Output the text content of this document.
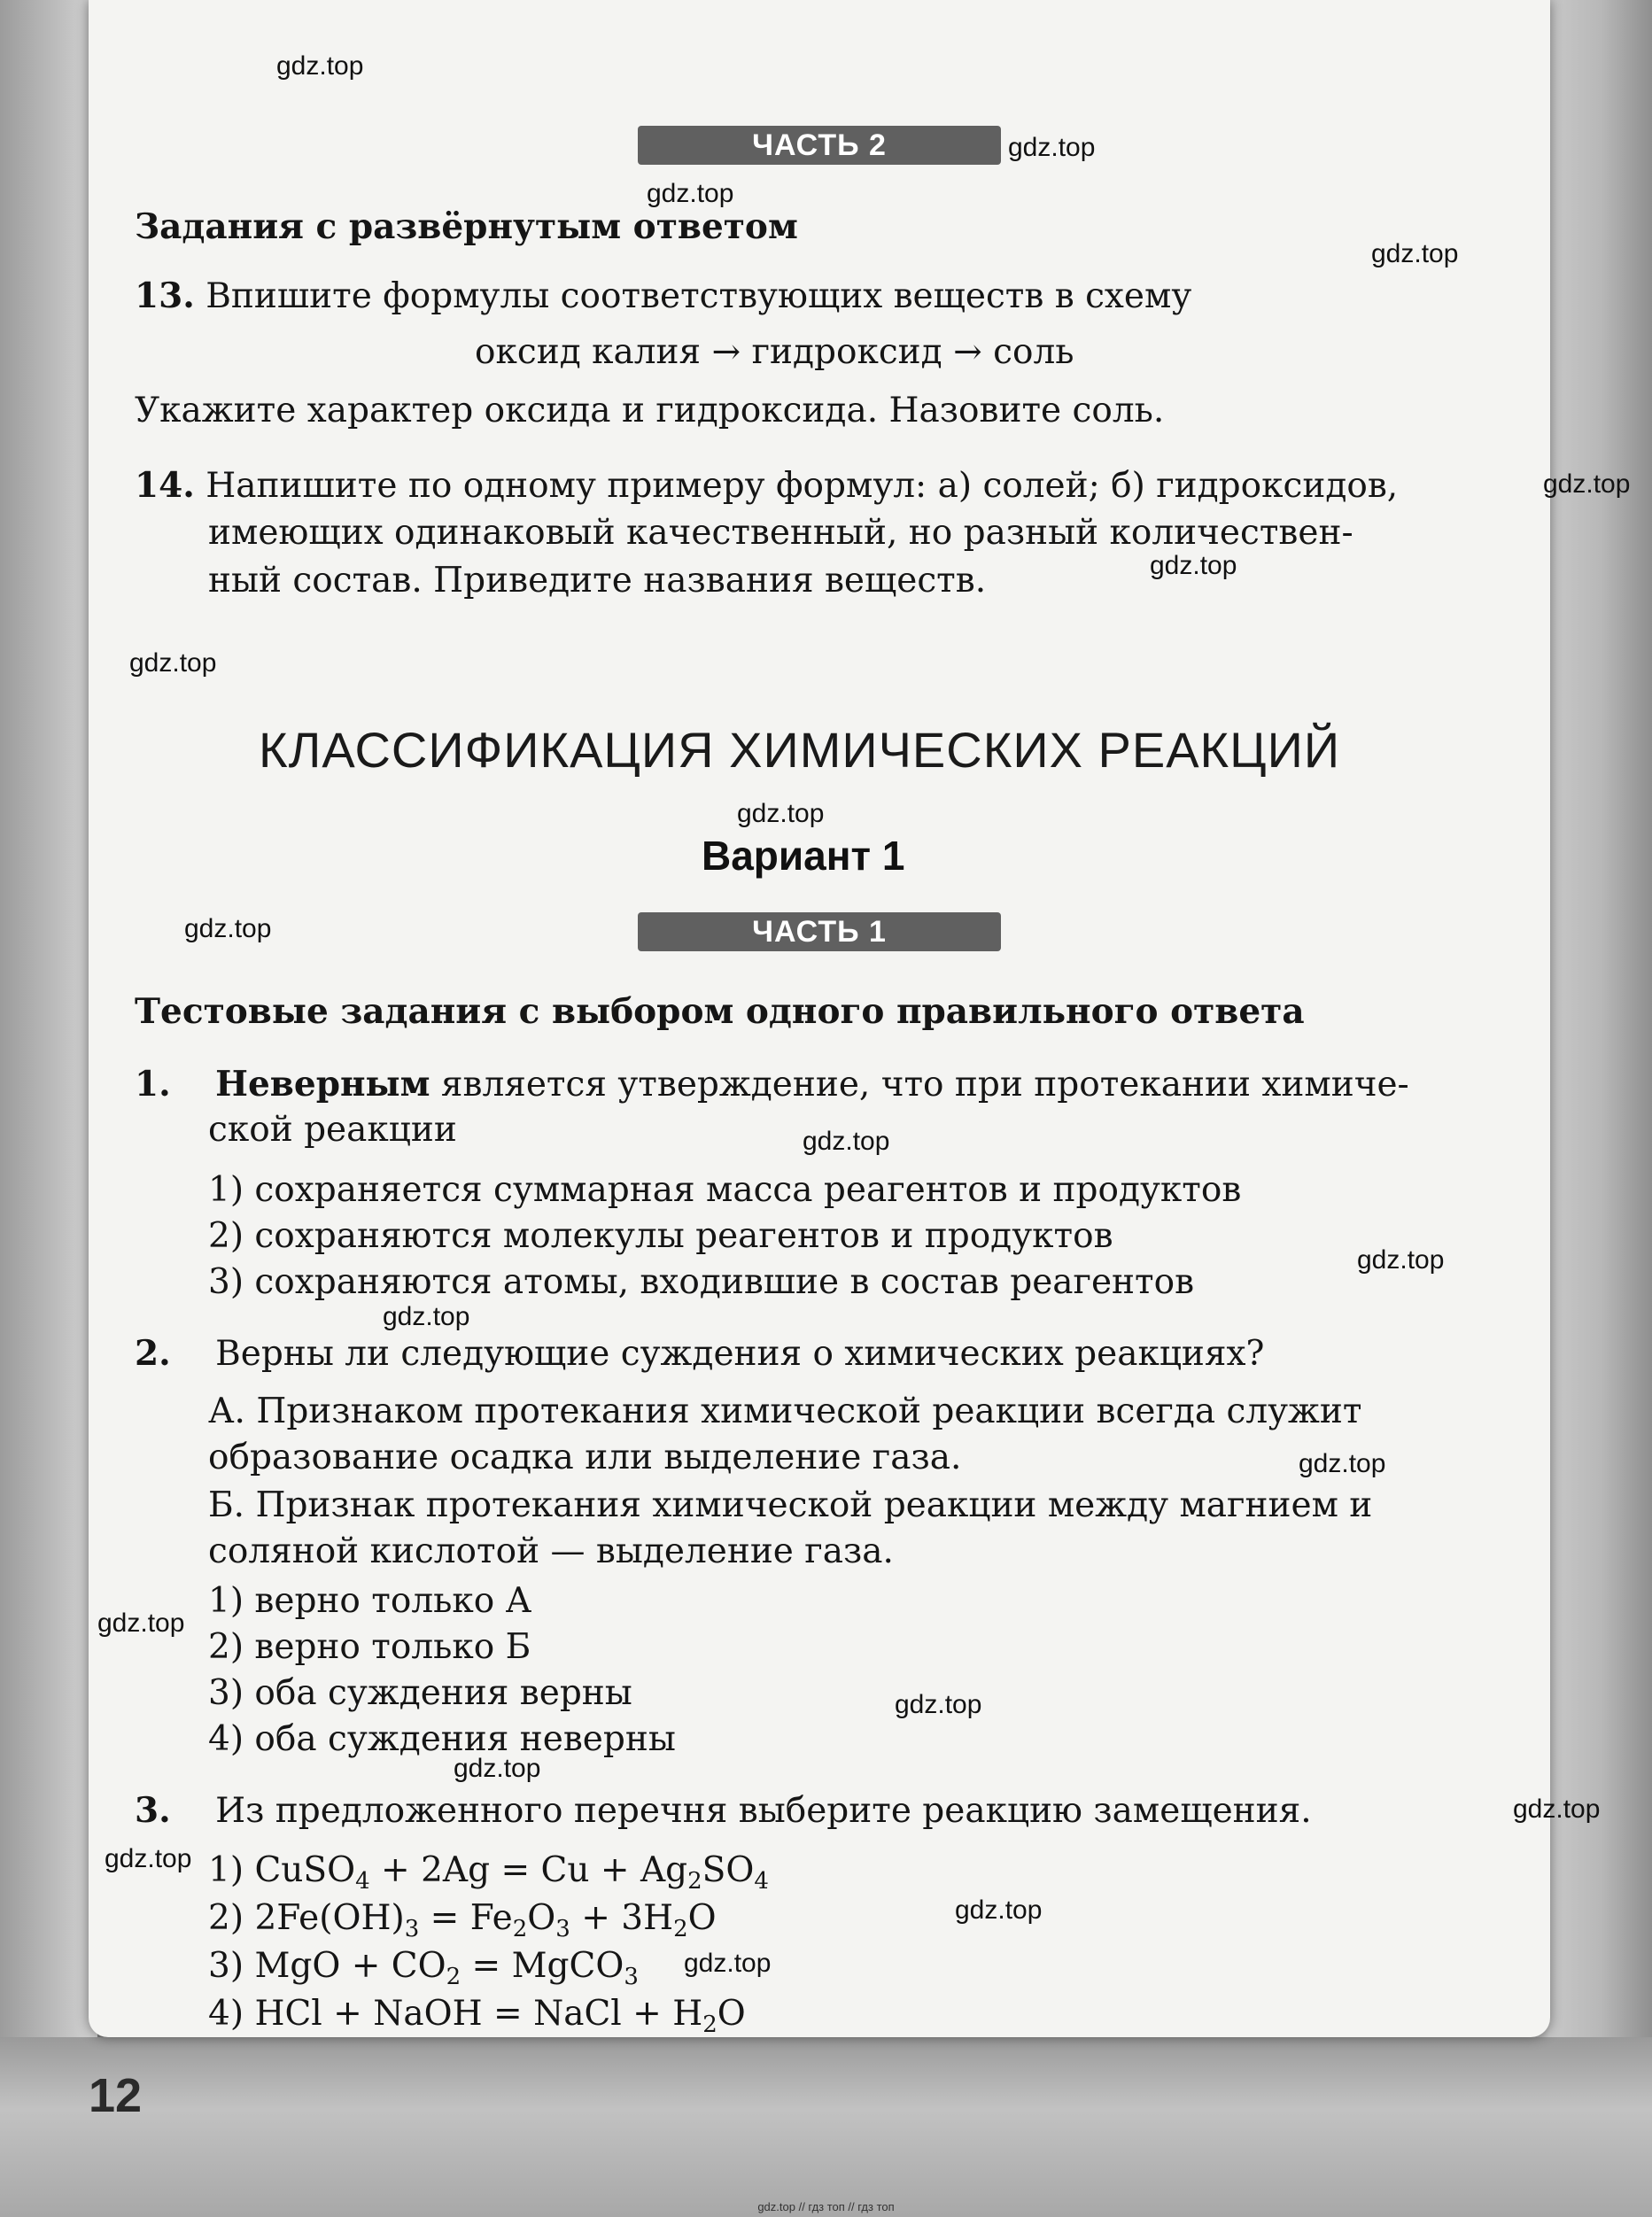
ЧАСТЬ 2
Задания с развёрнутым ответом
13. Впишите формулы соответствующих веществ в схему
оксид калия → гидроксид → соль
Укажите характер оксида и гидроксида. Назовите соль.
14. Напишите по одному примеру формул: а) солей; б) гидроксидов,
имеющих одинаковый качественный, но разный количествен-
ный состав. Приведите названия веществ.
КЛАССИФИКАЦИЯ ХИМИЧЕСКИХ РЕАКЦИЙ
Вариант 1
ЧАСТЬ 1
Тестовые задания с выбором одного правильного ответа
1. Неверным является утверждение, что при протекании химиче-
ской реакции
1) сохраняется суммарная масса реагентов и продуктов
2) сохраняются молекулы реагентов и продуктов
3) сохраняются атомы, входившие в состав реагентов
2. Верны ли следующие суждения о химических реакциях?
А. Признаком протекания химической реакции всегда служит
образование осадка или выделение газа.
Б. Признак протекания химической реакции между магнием и
соляной кислотой — выделение газа.
1) верно только А
2) верно только Б
3) оба суждения верны
4) оба суждения неверны
3. Из предложенного перечня выберите реакцию замещения.
1) CuSO$_4$ + $2Ag = Cu + Ag_2SO_4$
2) $2Fe(OH)_3 = Fe_2O_3 + 3H_2O$
3) MgO + $CO_2$ = MgCO$_3$
4) HCl + NaOH = NaCl + $H_2O$
gdz.top
gdz.top
gdz.top
gdz.top
gdz.top
gdz.top
gdz.top
gdz.top
gdz.top
gdz.top
gdz.top
gdz.top
gdz.top
gdz.top
gdz.top
gdz.top
gdz.top
gdz.top
gdz.top
gdz.top
12
gdz.top // гдз топ // гдз топ
